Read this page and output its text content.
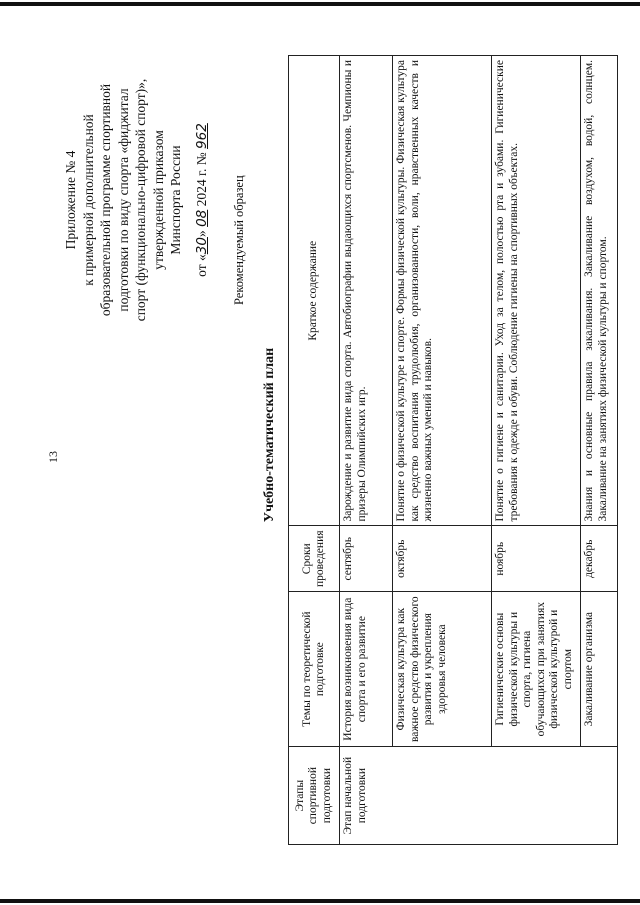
13
Приложение № 4 к примерной дополнительной образовательной программе спортивной подготовки по виду спорта «фиджитал спорт (функционально-цифровой спорт)», утвержденной приказом Минспорта России
от «30» 08 2024 г. № 962
Рекомендуемый образец
Учебно-тематический план
Этапы спортивной подготовки	Темы по теоретической подготовке	Сроки проведения	Краткое содержание
Этап начальной подготовки	История возникновения вида спорта и его развитие	сентябрь	Зарождение и развитие вида спорта. Автобиографии выдающихся спортсменов. Чемпионы и призеры Олимпийских игр.
	Физическая культура как важное средство физического развития и укрепления здоровья человека	октябрь	Понятие о физической культуре и спорте. Формы физической культуры. Физическая культура как средство воспитания трудолюбия, организованности, воли, нравственных качеств и жизненно важных умений и навыков.
	Гигиенические основы физической культуры и спорта, гигиена обучающихся при занятиях физической культурой и спортом	ноябрь	Понятие о гигиене и санитарии. Уход за телом, полостью рта и зубами. Гигиенические требования к одежде и обуви. Соблюдение гигиены на спортивных объектах.
	Закаливание организма	декабрь	Знания и основные правила закаливания. Закаливание воздухом, водой, солнцем. Закаливание на занятиях физической культуры и спортом.
